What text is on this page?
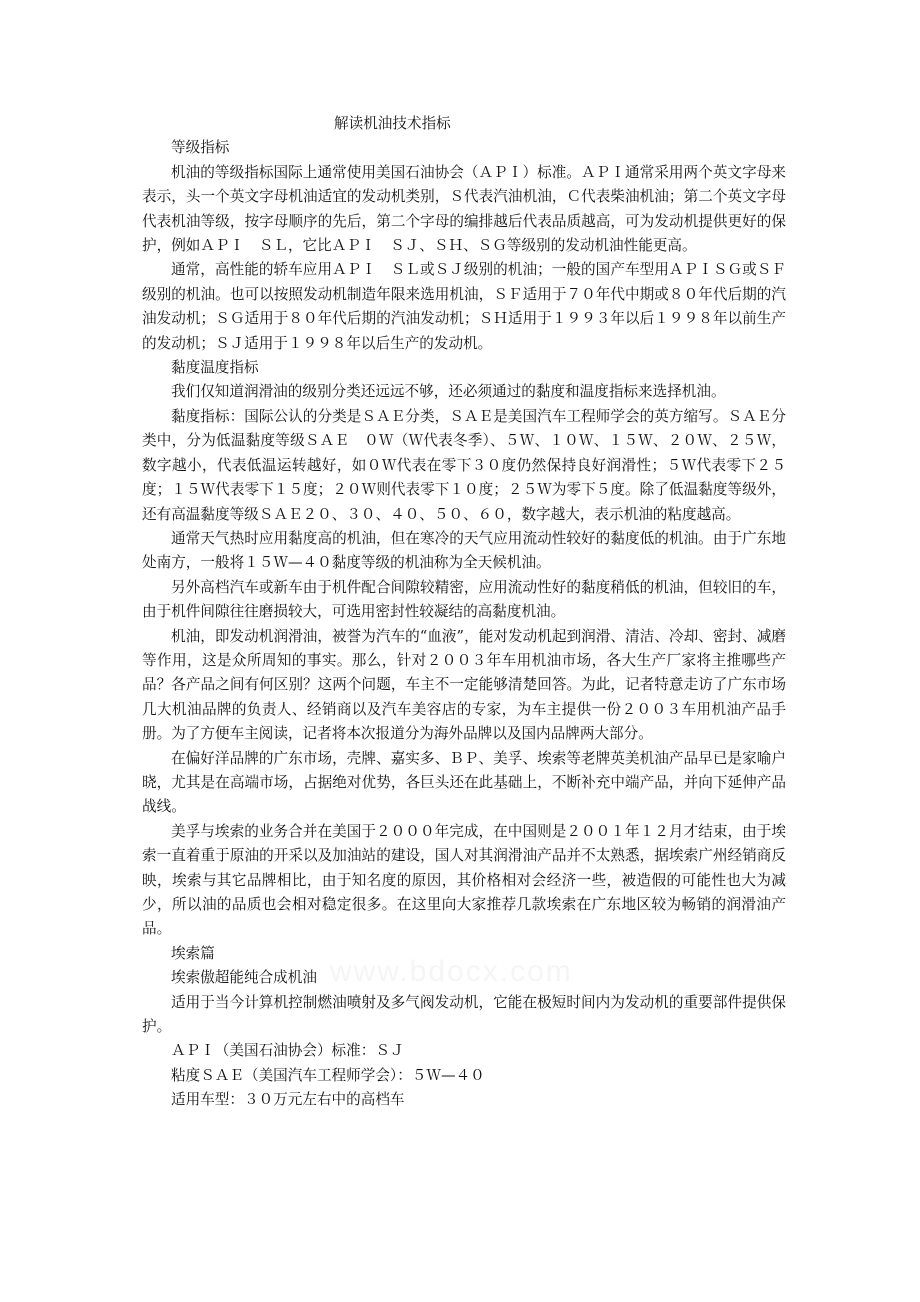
解读机油技术指标
等级指标

机油的等级指标国际上通常使用美国石油协会（ＡＰＩ）标准。ＡＰＩ通常采用两个英文字母来表示，头一个英文字母机油适宜的发动机类别，Ｓ代表汽油机油，Ｃ代表柴油机油；第二个英文字母代表机油等级，按字母顺序的先后，第二个字母的编排越后代表品质越高，可为发动机提供更好的保护，例如ＡＰＩ　ＳＬ，它比ＡＰＩ　ＳＪ、ＳＨ、ＳＧ等级别的发动机油性能更高。

通常，高性能的轿车应用ＡＰＩ　ＳＬ或ＳＪ级别的机油；一般的国产车型用ＡＰＩＳＧ或ＳＦ级别的机油。也可以按照发动机制造年限来选用机油，ＳＦ适用于７０年代中期或８０年代后期的汽油发动机；ＳＧ适用于８０年代后期的汽油发动机；ＳＨ适用于１９９３年以后１９９８年以前生产的发动机；ＳＪ适用于１９９８年以后生产的发动机。

黏度温度指标

我们仅知道润滑油的级别分类还远远不够，还必须通过的黏度和温度指标来选择机油。

黏度指标：国际公认的分类是ＳＡＥ分类，ＳＡＥ是美国汽车工程师学会的英方缩写。ＳＡＥ分类中，分为低温黏度等级ＳＡＥ　０Ｗ（Ｗ代表冬季）、５Ｗ、１０Ｗ、１５Ｗ、２０Ｗ、２５Ｗ，数字越小，代表低温运转越好，如０Ｗ代表在零下３０度仍然保持良好润滑性；５Ｗ代表零下２５度；１５Ｗ代表零下１５度；２０Ｗ则代表零下１０度；２５Ｗ为零下５度。除了低温黏度等级外，还有高温黏度等级ＳＡＥ２０、３０、４０、５０、６０，数字越大，表示机油的粘度越高。

通常天气热时应用黏度高的机油，但在寒冷的天气应用流动性较好的黏度低的机油。由于广东地处南方，一般将１５Ｗ—４０黏度等级的机油称为全天候机油。

另外高档汽车或新车由于机件配合间隙较精密，应用流动性好的黏度稍低的机油，但较旧的车，由于机件间隙往往磨损较大，可选用密封性较凝结的高黏度机油。

机油，即发动机润滑油，被誉为汽车的“血液”，能对发动机起到润滑、清洁、冷却、密封、减磨等作用，这是众所周知的事实。那么，针对２００３年车用机油市场，各大生产厂家将主推哪些产品？各产品之间有何区别？这两个问题，车主不一定能够清楚回答。为此，记者特意走访了广东市场几大机油品牌的负责人、经销商以及汽车美容店的专家，为车主提供一份２００３车用机油产品手册。为了方便车主阅读，记者将本次报道分为海外品牌以及国内品牌两大部分。

在偏好洋品牌的广东市场，壳牌、嘉实多、ＢＰ、美孚、埃索等老牌英美机油产品早已是家喻户晓，尤其是在高端市场，占据绝对优势，各巨头还在此基础上，不断补充中端产品，并向下延伸产品战线。

美孚与埃索的业务合并在美国于２０００年完成，在中国则是２００１年１２月才结束，由于埃索一直着重于原油的开采以及加油站的建设，国人对其润滑油产品并不太熟悉，据埃索广州经销商反映，埃索与其它品牌相比，由于知名度的原因，其价格相对会经济一些，被造假的可能性也大为减少，所以油的品质也会相对稳定很多。在这里向大家推荐几款埃索在广东地区较为畅销的润滑油产品。

埃索篇
埃索傲超能纯合成机油

适用于当今计算机控制燃油喷射及多气阀发动机，它能在极短时间内为发动机的重要部件提供保护。

ＡＰＩ（美国石油协会）标准：ＳＪ

粘度ＳＡＥ（美国汽车工程师学会）：５Ｗ—４０

适用车型：３０万元左右中的高档车

www.bdocx.com
